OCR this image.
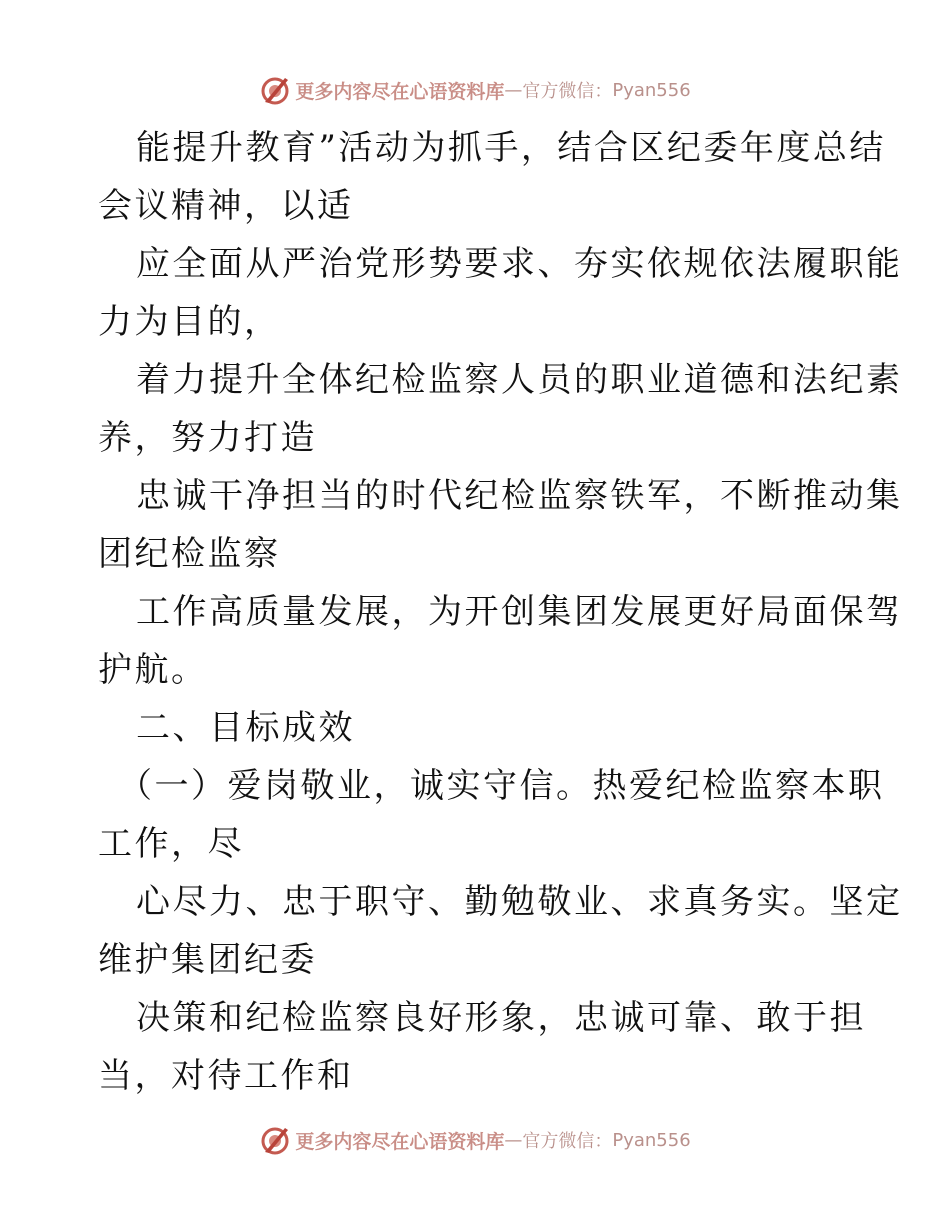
更多内容尽在心语资料库 — 官方微信： Pyan556
能提升教育”活动为抓手，结合区纪委年度总结
会议精神，以适
应全面从严治党形势要求、夯实依规依法履职能
力为目的，
着力提升全体纪检监察人员的职业道德和法纪素
养，努力打造
忠诚干净担当的时代纪检监察铁军，不断推动集
团纪检监察
工作高质量发展，为开创集团发展更好局面保驾
护航。
二、目标成效
（一）爱岗敬业，诚实守信。热爱纪检监察本职
工作，尽
心尽力、忠于职守、勤勉敬业、求真务实。坚定
维护集团纪委
决策和纪检监察良好形象，忠诚可靠、敢于担
当，对待工作和
更多内容尽在心语资料库 — 官方微信： Pyan556
